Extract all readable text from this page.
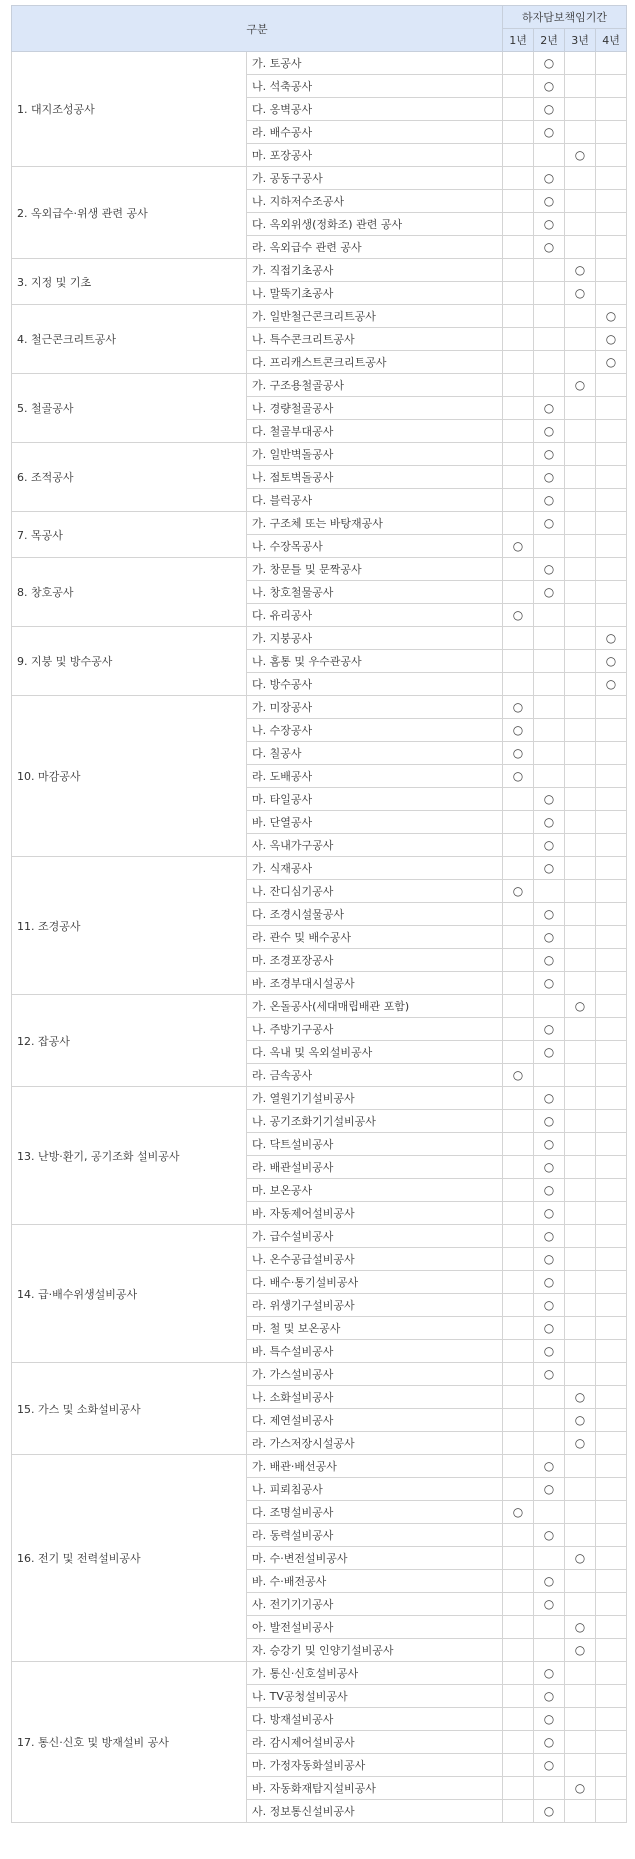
구분		하자담보책임기간			
		1년	2년	3년	4년
1. 대지조성공사	가. 토공사		○		
	나. 석축공사		○		
	다. 옹벽공사		○		
	라. 배수공사		○		
	마. 포장공사			○	
2. 옥외급수·위생 관련 공사	가. 공동구공사		○		
	나. 지하저수조공사		○		
	다. 옥외위생(정화조) 관련 공사		○		
	라. 옥외급수 관련 공사		○		
3. 지정 및 기초	가. 직접기초공사			○	
	나. 말뚝기초공사			○	
4. 철근콘크리트공사	가. 일반철근콘크리트공사				○
	나. 특수콘크리트공사				○
	다. 프리캐스트콘크리트공사				○
5. 철골공사	가. 구조용철골공사			○	
	나. 경량철골공사		○		
	다. 철골부대공사		○		
6. 조적공사	가. 일반벽돌공사		○		
	나. 점토벽돌공사		○		
	다. 블럭공사		○		
7. 목공사	가. 구조체 또는 바탕재공사		○		
	나. 수장목공사	○			
8. 창호공사	가. 창문틀 및 문짝공사		○		
	나. 창호철물공사		○		
	다. 유리공사	○			
9. 지붕 및 방수공사	가. 지붕공사				○
	나. 홈통 및 우수관공사				○
	다. 방수공사				○
10. 마감공사	가. 미장공사	○			
	나. 수장공사	○			
	다. 칠공사	○			
	라. 도배공사	○			
	마. 타일공사		○		
	바. 단열공사		○		
	사. 옥내가구공사		○		
11. 조경공사	가. 식재공사		○		
	나. 잔디심기공사	○			
	다. 조경시설물공사		○		
	라. 관수 및 배수공사		○		
	마. 조경포장공사		○		
	바. 조경부대시설공사		○		
12. 잡공사	가. 온돌공사(세대매립배관 포함)			○	
	나. 주방기구공사		○		
	다. 옥내 및 옥외설비공사		○		
	라. 금속공사	○			
13. 난방·환기, 공기조화 설비공사	가. 열원기기설비공사		○		
	나. 공기조화기기설비공사		○		
	다. 닥트설비공사		○		
	라. 배관설비공사		○		
	마. 보온공사		○		
	바. 자동제어설비공사		○		
14. 급·배수위생설비공사	가. 급수설비공사		○		
	나. 온수공급설비공사		○		
	다. 배수·통기설비공사		○		
	라. 위생기구설비공사		○		
	마. 철 및 보온공사		○		
	바. 특수설비공사		○		
15. 가스 및 소화설비공사	가. 가스설비공사		○		
	나. 소화설비공사			○	
	다. 제연설비공사			○	
	라. 가스저장시설공사			○	
16. 전기 및 전력설비공사	가. 배관·배선공사		○		
	나. 피뢰침공사		○		
	다. 조명설비공사	○			
	라. 동력설비공사		○		
	마. 수·변전설비공사			○	
	바. 수·배전공사		○		
	사. 전기기기공사		○		
	아. 발전설비공사			○	
	자. 승강기 및 인양기설비공사			○	
17. 통신·신호 및 방재설비 공사	가. 통신·신호설비공사		○		
	나. TV공청설비공사		○		
	다. 방재설비공사		○		
	라. 감시제어설비공사		○		
	마. 가정자동화설비공사		○		
	바. 자동화재탐지설비공사			○	
	사. 정보통신설비공사		○		
